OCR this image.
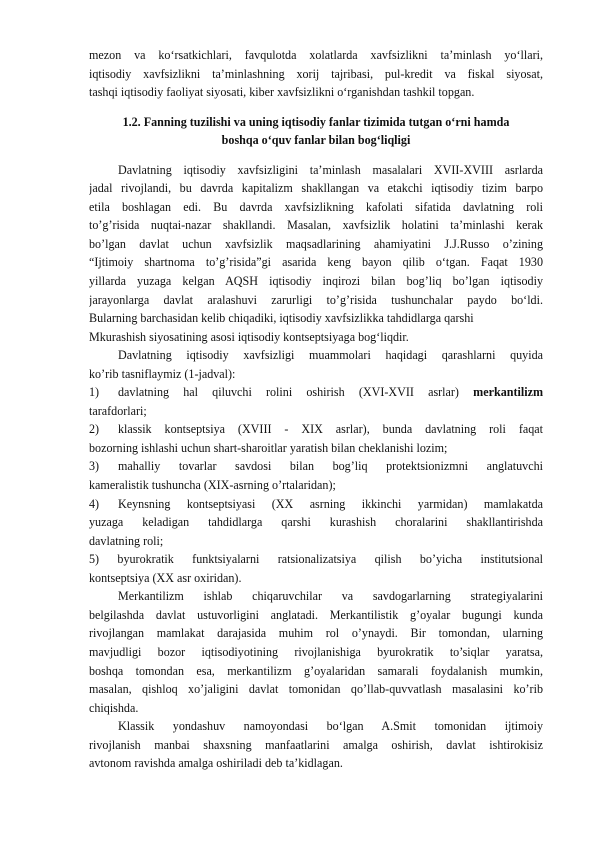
mezon va ko‘rsatkichlari, favqulotda xolatlarda xavfsizlikni ta’minlash yo‘llari,
iqtisodiy xavfsizlikni ta’minlashning xorij tajribasi, pul-kredit va fiskal siyosat,
tashqi iqtisodiy faoliyat siyosati, kiber xavfsizlikni o‘rganishdan tashkil topgan.
1.2. Fanning tuzilishi va uning iqtisodiy fanlar tizimida tutgan o‘rni hamda
boshqa o‘quv fanlar bilan bog‘liqligi
Davlatning iqtisodiy xavfsizligini ta’minlash masalalari XVII-XVIII asrlarda
jadal rivojlandi, bu davrda kapitalizm shakllangan va etakchi iqtisodiy tizim barpo
etila boshlagan edi. Bu davrda xavfsizlikning kafolati sifatida davlatning roli
to’g’risida nuqtai-nazar shakllandi. Masalan, xavfsizlik holatini ta’minlashi kerak
bo’lgan davlat uchun xavfsizlik maqsadlarining ahamiyatini J.J.Russo o’zining
“Ijtimoiy shartnoma to’g’risida”gi asarida keng bayon qilib o‘tgan. Faqat 1930
yillarda yuzaga kelgan AQSH iqtisodiy inqirozi bilan bog’liq bo’lgan iqtisodiy
jarayonlarga davlat aralashuvi zarurligi to’g’risida tushunchalar paydo bo‘ldi.
Bularning barchasidan kelib chiqadiki, iqtisodiy xavfsizlikka tahdidlarga qarshi
Mkurashish siyosatining asosi iqtisodiy kontseptsiyaga bog‘liqdir.
Davlatning iqtisodiy xavfsizligi muammolari haqidagi qarashlarni quyida
ko’rib tasniflaymiz (1-jadval):
1) davlatning hal qiluvchi rolini oshirish (XVI-XVII asrlar) merkantilizm
tarafdorlari;
2) klassik kontseptsiya (XVIII - XIX asrlar), bunda davlatning roli faqat
bozorning ishlashi uchun shart-sharoitlar yaratish bilan cheklanishi lozim;
3) mahalliy tovarlar savdosi bilan bog’liq protektsionizmni anglatuvchi
kameralistik tushuncha (XIX-asrning o’rtalaridan);
4) Keynsning kontseptsiyasi (XX asrning ikkinchi yarmidan) mamlakatda
yuzaga keladigan tahdidlarga qarshi kurashish choralarini shakllantirishda
davlatning roli;
5) byurokratik funktsiyalarni ratsionalizatsiya qilish bo’yicha institutsional
kontseptsiya (XX asr oxiridan).
Merkantilizm ishlab chiqaruvchilar va savdogarlarning strategiyalarini
belgilashda davlat ustuvorligini anglatadi. Merkantilistik g’oyalar bugungi kunda
rivojlangan mamlakat darajasida muhim rol o’ynaydi. Bir tomondan, ularning
mavjudligi bozor iqtisodiyotining rivojlanishiga byurokratik to’siqlar yaratsa,
boshqa tomondan esa, merkantilizm g’oyalaridan samarali foydalanish mumkin,
masalan, qishloq xo’jaligini davlat tomonidan qo’llab-quvvatlash masalasini ko’rib
chiqishda.
Klassik yondashuv namoyondasi bo‘lgan A.Smit tomonidan ijtimoiy
rivojlanish manbai shaxsning manfaatlarini amalga oshirish, davlat ishtirokisiz
avtonom ravishda amalga oshiriladi deb ta’kidlagan.
